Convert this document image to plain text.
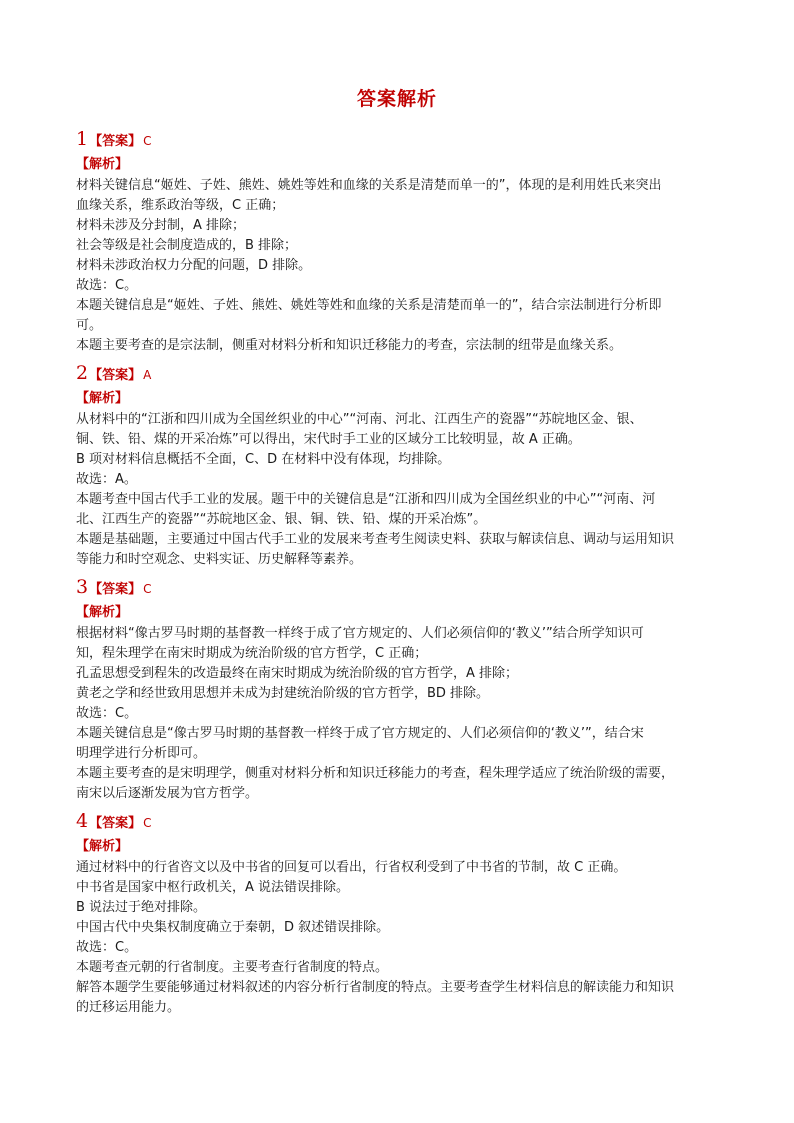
答案解析
1 【答案】 C
【解析】
材料关键信息“姬姓、子姓、熊姓、姚姓等姓和血缘的关系是清楚而单一的”，体现的是利用姓氏来突出
血缘关系，维系政治等级，C 正确；
材料未涉及分封制，A 排除；
社会等级是社会制度造成的，B 排除；
材料未涉政治权力分配的问题，D 排除。
故选：C。
本题关键信息是“姬姓、子姓、熊姓、姚姓等姓和血缘的关系是清楚而单一的”，结合宗法制进行分析即
可。
本题主要考查的是宗法制，侧重对材料分析和知识迁移能力的考查，宗法制的纽带是血缘关系。
2 【答案】 A
【解析】
从材料中的“江浙和四川成为全国丝织业的中心”“河南、河北、江西生产的瓷器”“苏皖地区金、银、
铜、铁、铅、煤的开采冶炼”可以得出，宋代时手工业的区域分工比较明显，故 A 正确。
B 项对材料信息概括不全面，C、D 在材料中没有体现，均排除。
故选：A。
本题考查中国古代手工业的发展。题干中的关键信息是“江浙和四川成为全国丝织业的中心”“河南、河
北、江西生产的瓷器”“苏皖地区金、银、铜、铁、铅、煤的开采冶炼”。
本题是基础题，主要通过中国古代手工业的发展来考查考生阅读史料、获取与解读信息、调动与运用知识
等能力和时空观念、史料实证、历史解释等素养。
3 【答案】 C
【解析】
根据材料“像古罗马时期的基督教一样终于成了官方规定的、人们必须信仰的‘教义’”结合所学知识可
知，程朱理学在南宋时期成为统治阶级的官方哲学，C 正确；
孔孟思想受到程朱的改造最终在南宋时期成为统治阶级的官方哲学，A 排除；
黄老之学和经世致用思想并未成为封建统治阶级的官方哲学，BD 排除。
故选：C。
本题关键信息是“像古罗马时期的基督教一样终于成了官方规定的、人们必须信仰的‘教义’”，结合宋
明理学进行分析即可。
本题主要考查的是宋明理学，侧重对材料分析和知识迁移能力的考查，程朱理学适应了统治阶级的需要，
南宋以后逐渐发展为官方哲学。
4 【答案】 C
【解析】
通过材料中的行省咨文以及中书省的回复可以看出，行省权利受到了中书省的节制，故 C 正确。
中书省是国家中枢行政机关，A 说法错误排除。
B 说法过于绝对排除。
中国古代中央集权制度确立于秦朝，D 叙述错误排除。
故选：C。
本题考查元朝的行省制度。主要考查行省制度的特点。
解答本题学生要能够通过材料叙述的内容分析行省制度的特点。主要考查学生材料信息的解读能力和知识
的迁移运用能力。
